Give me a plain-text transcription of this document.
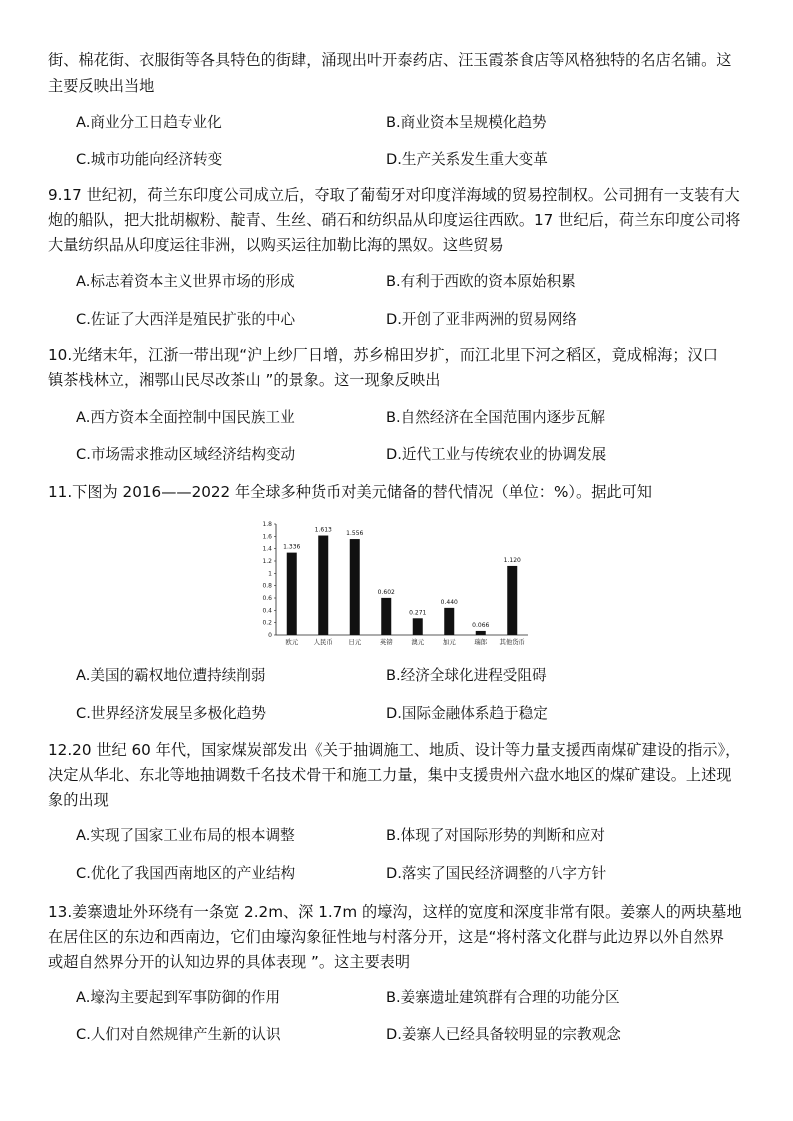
街、棉花街、衣服街等各具特色的街肆，涌现出叶开泰药店、汪玉霞茶食店等风格独特的名店名铺。这
主要反映出当地
A.商业分工日趋专业化	B.商业资本呈规模化趋势
C.城市功能向经济转变	D.生产关系发生重大变革
9.17 世纪初，荷兰东印度公司成立后，夺取了葡萄牙对印度洋海域的贸易控制权。公司拥有一支装有大
炮的船队，把大批胡椒粉、靛青、生丝、硝石和纺织品从印度运往西欧。17 世纪后，荷兰东印度公司将
大量纺织品从印度运往非洲，以购买运往加勒比海的黑奴。这些贸易
A.标志着资本主义世界市场的形成	B.有利于西欧的资本原始积累
C.佐证了大西洋是殖民扩张的中心	D.开创了亚非两洲的贸易网络
10.光绪末年，江浙一带出现“沪上纱厂日增，苏乡棉田岁扩，而江北里下河之稻区，竟成棉海；汉口
镇茶栈林立，湘鄂山民尽改茶山 ”的景象。这一现象反映出
A.西方资本全面控制中国民族工业	B.自然经济在全国范围内逐步瓦解
C.市场需求推动区域经济结构变动	D.近代工业与传统农业的协调发展
11.下图为 2016——2022 年全球多种货币对美元储备的替代情况（单位：%）。据此可知
1.8
1.6
1.4
1.2
1
0.8
0.6
0.4
0.2
0
1.336
欧元
1.613
人民币
1.556
日元
0.602
英镑
0.271
澳元
0.440
加元
0.066
瑞郎
1.120
其他货币
A.美国的霸权地位遭持续削弱	B.经济全球化进程受阻碍
C.世界经济发展呈多极化趋势	D.国际金融体系趋于稳定
12.20 世纪 60 年代，国家煤炭部发出《关于抽调施工、地质、设计等力量支援西南煤矿建设的指示》，
决定从华北、东北等地抽调数千名技术骨干和施工力量，集中支援贵州六盘水地区的煤矿建设。上述现
象的出现
A.实现了国家工业布局的根本调整	B.体现了对国际形势的判断和应对
C.优化了我国西南地区的产业结构	D.落实了国民经济调整的八字方针
13.姜寨遗址外环绕有一条宽 2.2m、深 1.7m 的壕沟，这样的宽度和深度非常有限。姜寨人的两块墓地
在居住区的东边和西南边，它们由壕沟象征性地与村落分开，这是“将村落文化群与此边界以外自然界
或超自然界分开的认知边界的具体表现 ”。这主要表明
A.壕沟主要起到军事防御的作用	B.姜寨遗址建筑群有合理的功能分区
C.人们对自然规律产生新的认识	D.姜寨人已经具备较明显的宗教观念
